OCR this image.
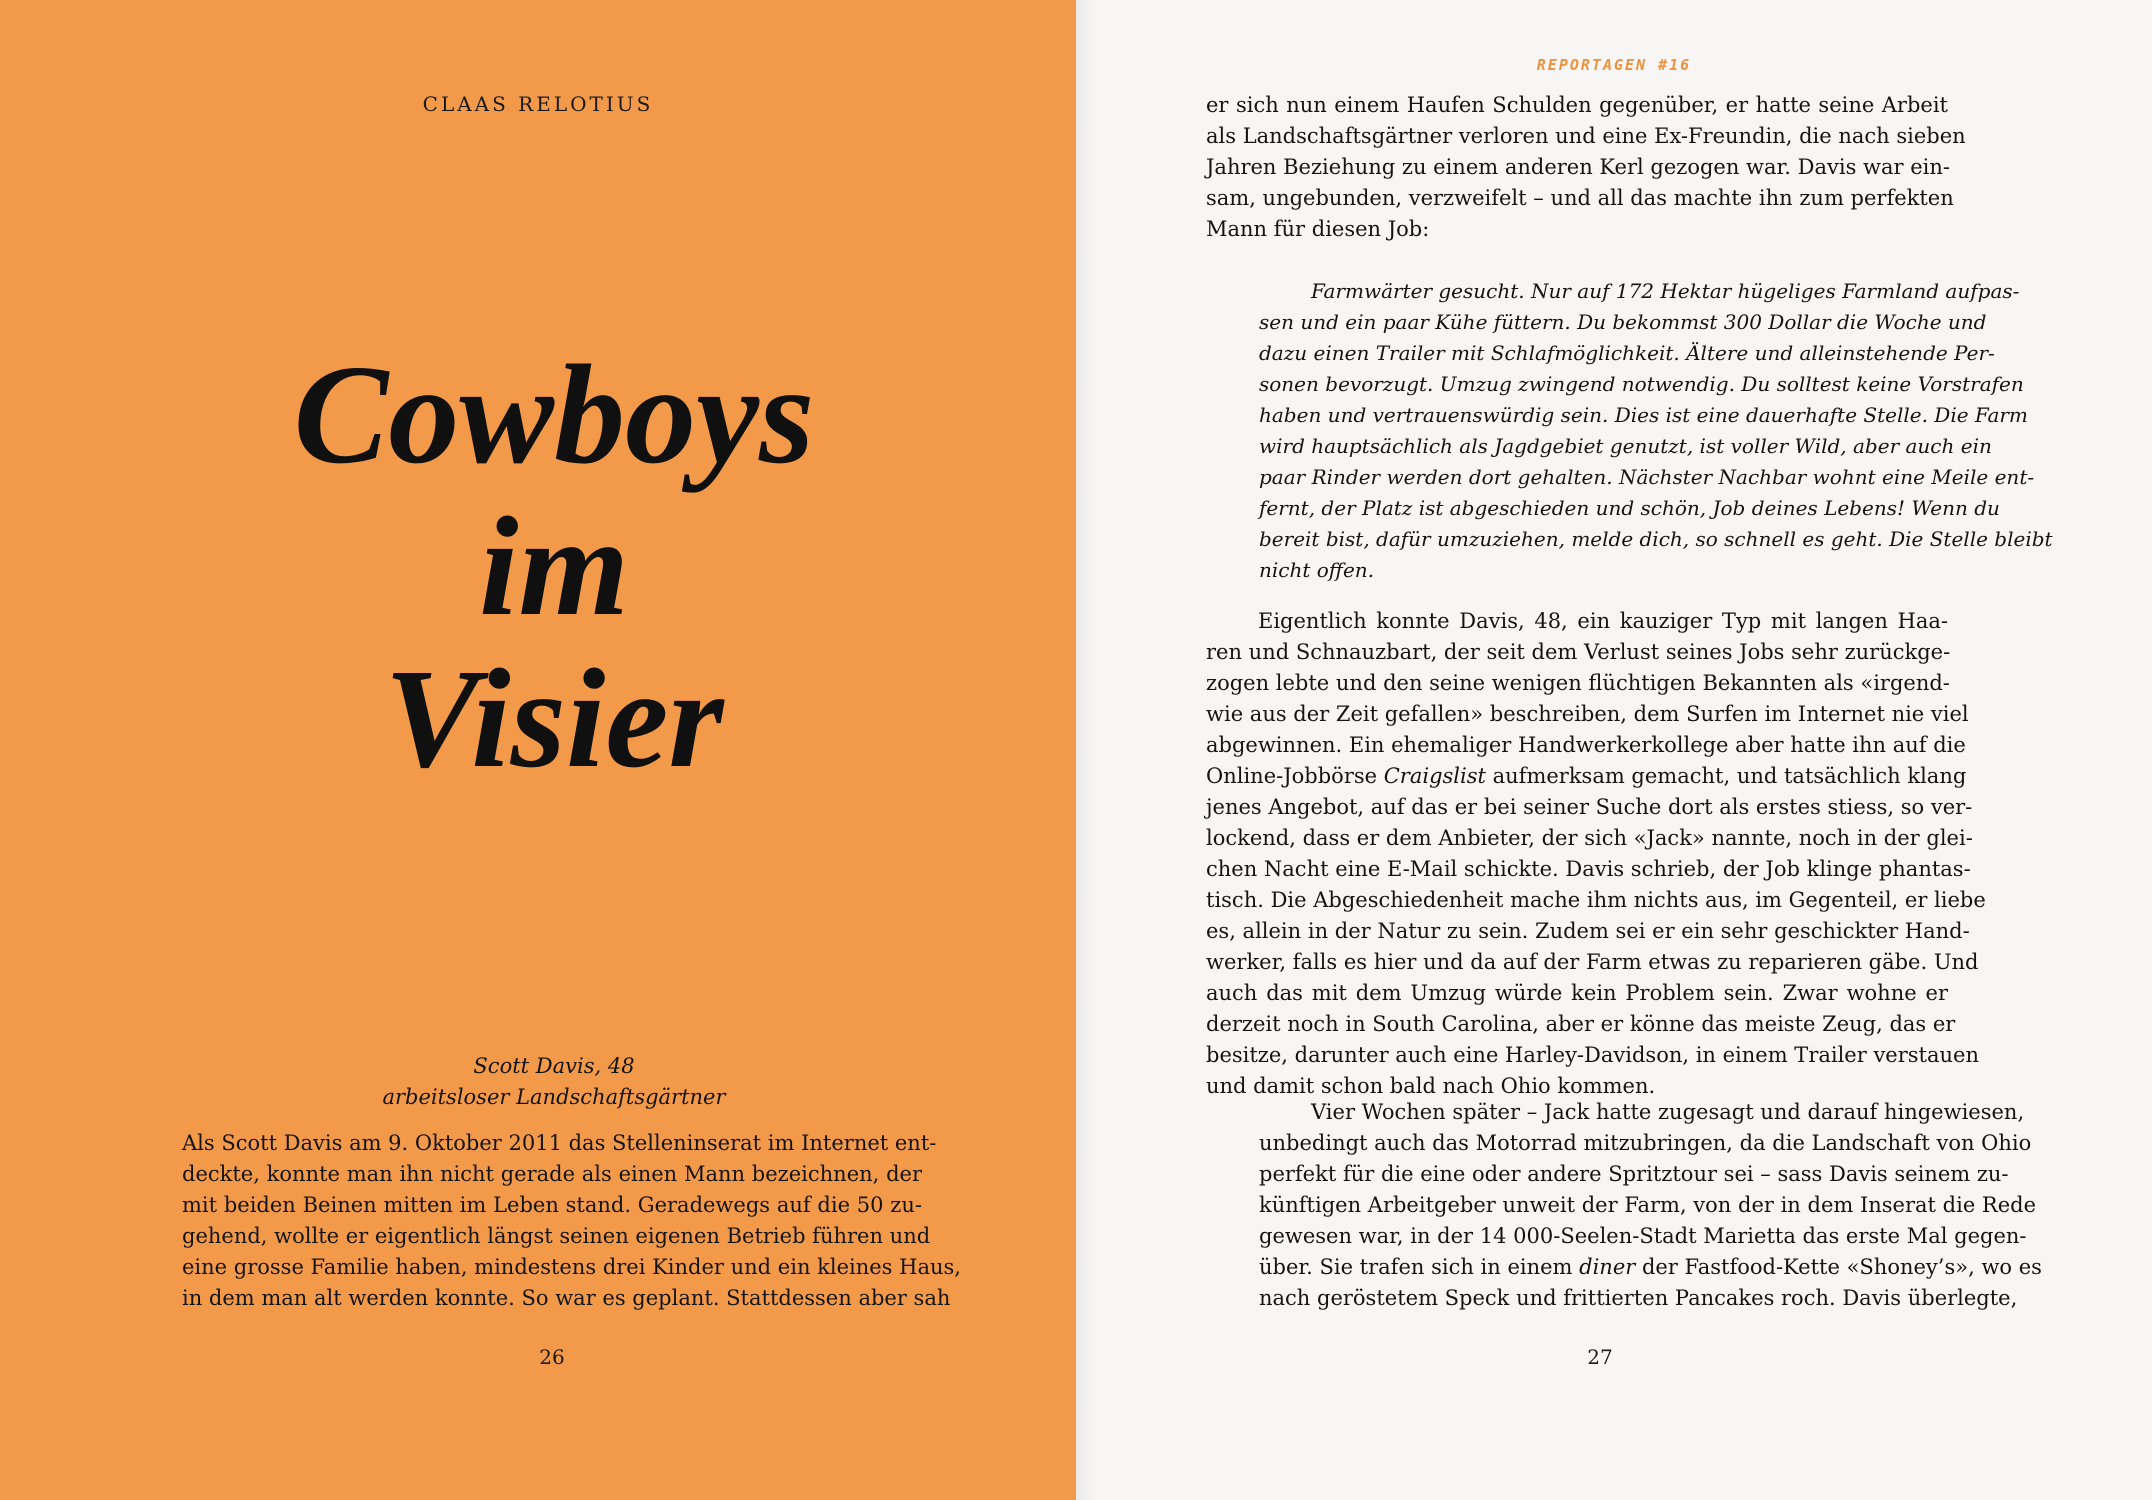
CLAAS RELOTIUS
Cowboys
im
Visier
Scott Davis, 48
arbeitsloser Landschaftsgärtner
Als Scott Davis am 9. Oktober 2011 das Stelleninserat im Internet ent-
deckte, konnte man ihn nicht gerade als einen Mann bezeichnen, der
mit beiden Beinen mitten im Leben stand. Geradewegs auf die 50 zu-
gehend, wollte er eigentlich längst seinen eigenen Betrieb führen und
eine grosse Familie haben, mindestens drei Kinder und ein kleines Haus,
in dem man alt werden konnte. So war es geplant. Stattdessen aber sah
26
REPORTAGEN #16
er sich nun einem Haufen Schulden gegenüber, er hatte seine Arbeit
als Landschaftsgärtner verloren und eine Ex-Freundin, die nach sieben
Jahren Beziehung zu einem anderen Kerl gezogen war. Davis war ein-
sam, ungebunden, verzweifelt – und all das machte ihn zum perfekten
Mann für diesen Job:
Farmwärter gesucht. Nur auf 172 Hektar hügeliges Farmland aufpas-
sen und ein paar Kühe füttern. Du bekommst 300 Dollar die Woche und
dazu einen Trailer mit Schlafmöglichkeit. Ältere und alleinstehende Per-
sonen bevorzugt. Umzug zwingend notwendig. Du solltest keine Vorstrafen
haben und vertrauenswürdig sein. Dies ist eine dauerhafte Stelle. Die Farm
wird hauptsächlich als Jagdgebiet genutzt, ist voller Wild, aber auch ein
paar Rinder werden dort gehalten. Nächster Nachbar wohnt eine Meile ent-
fernt, der Platz ist abgeschieden und schön, Job deines Lebens! Wenn du
bereit bist, dafür umzuziehen, melde dich, so schnell es geht. Die Stelle bleibt
nicht offen.
Eigentlich konnte Davis, 48, ein kauziger Typ mit langen Haa-
ren und Schnauzbart, der seit dem Verlust seines Jobs sehr zurückge-
zogen lebte und den seine wenigen flüchtigen Bekannten als «irgend-
wie aus der Zeit gefallen» beschreiben, dem Surfen im Internet nie viel
abgewinnen. Ein ehemaliger Handwerkerkollege aber hatte ihn auf die
Online-Jobbörse Craigslist aufmerksam gemacht, und tatsächlich klang
jenes Angebot, auf das er bei seiner Suche dort als erstes stiess, so ver-
lockend, dass er dem Anbieter, der sich «Jack» nannte, noch in der glei-
chen Nacht eine E-Mail schickte. Davis schrieb, der Job klinge phantas-
tisch. Die Abgeschiedenheit mache ihm nichts aus, im Gegenteil, er liebe
es, allein in der Natur zu sein. Zudem sei er ein sehr geschickter Hand-
werker, falls es hier und da auf der Farm etwas zu reparieren gäbe. Und
auch das mit dem Umzug würde kein Problem sein. Zwar wohne er
derzeit noch in South Carolina, aber er könne das meiste Zeug, das er
besitze, darunter auch eine Harley-Davidson, in einem Trailer verstauen
und damit schon bald nach Ohio kommen.
Vier Wochen später – Jack hatte zugesagt und darauf hingewiesen,
unbedingt auch das Motorrad mitzubringen, da die Landschaft von Ohio
perfekt für die eine oder andere Spritztour sei – sass Davis seinem zu-
künftigen Arbeitgeber unweit der Farm, von der in dem Inserat die Rede
gewesen war, in der 14 000-Seelen-Stadt Marietta das erste Mal gegen-
über. Sie trafen sich in einem diner der Fastfood-Kette «Shoney’s», wo es
nach geröstetem Speck und frittierten Pancakes roch. Davis überlegte,
27
